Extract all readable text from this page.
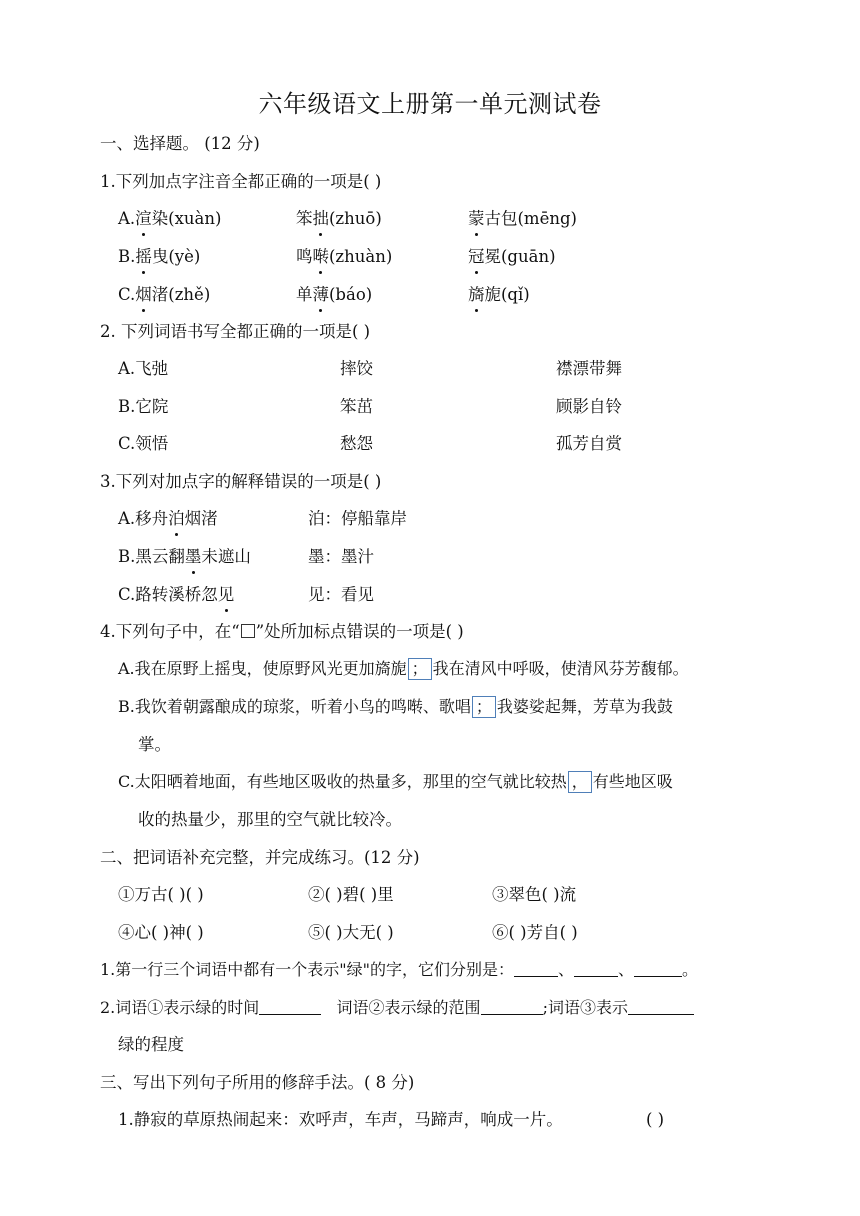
六年级语文上册第一单元测试卷
一、选择题。 (12 分)
1.下列加点字注音全都正确的一项是( )
A.渲染(xuàn)	笨拙(zhuō)	蒙古包(mēng)
B.摇曳(yè)	鸣啭(zhuàn)	冠冕(guān)
C.烟渚(zhě)	单薄(báo)	旖旎(qǐ)
2. 下列词语书写全都正确的一项是( )
A.飞弛	摔饺	襟漂带舞
B.它院	笨茁	顾影自铃
C.领悟	愁怨	孤芳自赏
3.下列对加点字的解释错误的一项是( )
A.移舟泊烟渚	泊：停船靠岸
B.黑云翻墨未遮山	墨：墨汁
C.路转溪桥忽见	见：看见
4.下列句子中，在“ ”处所加标点错误的一项是( )
A.我在原野上摇曳，使原野风光更加旖旎 ； 我在清风中呼吸，使清风芬芳馥郁。
B.我饮着朝露酿成的琼浆，听着小鸟的鸣啭、歌唱 ； 我婆娑起舞，芳草为我鼓
掌。
C.太阳晒着地面，有些地区吸收的热量多，那里的空气就比较热 ， 有些地区吸
收的热量少，那里的空气就比较冷。
二、把词语补充完整，并完成练习。(12 分)
①万古( )( )	②( )碧( )里	③翠色( )流
④心( )神( )	⑤( )大无( )	⑥( )芳自( )
1.第一行三个词语中都有一个表示"绿"的字，它们分别是：	、	、	。
2.词语①表示绿的时间	词语②表示绿的范围	;词语③表示
绿的程度
三、写出下列句子所用的修辞手法。( 8 分)
1.静寂的草原热闹起来：欢呼声，车声，马蹄声，响成一片。	( )
